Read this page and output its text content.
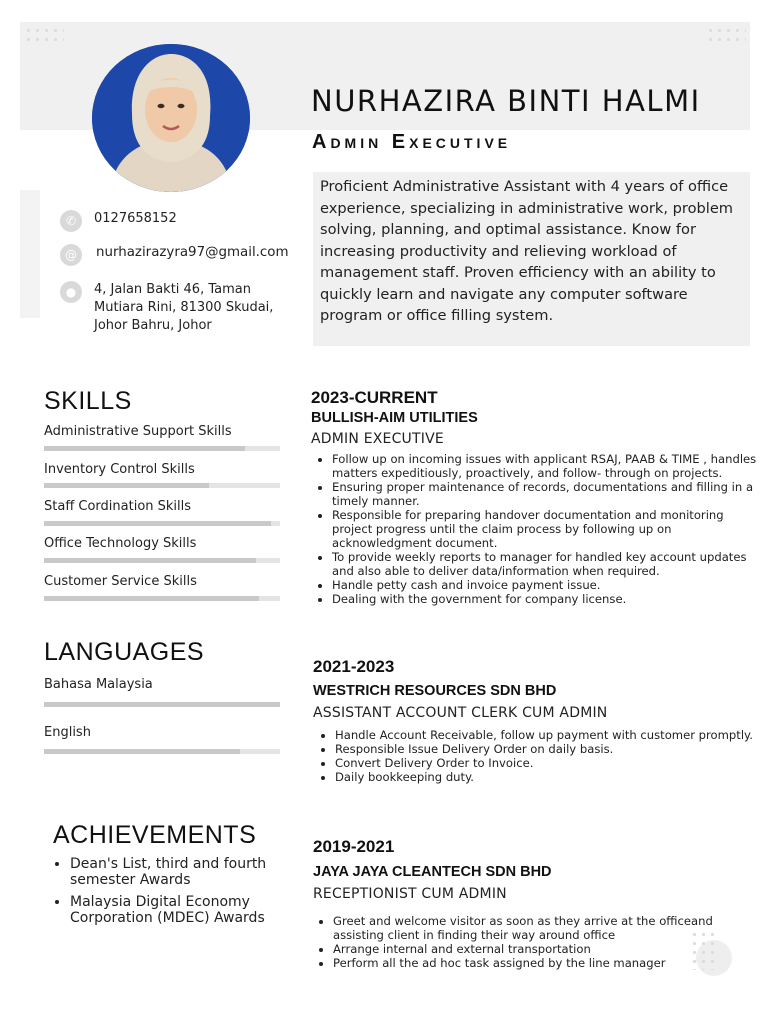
NURHAZIRA BINTI HALMI
Admin Executive
Proficient Administrative Assistant with 4 years of office experience, specializing in administrative work, problem solving, planning, and optimal assistance. Know for increasing productivity and relieving workload of management staff. Proven efficiency with an ability to quickly learn and navigate any computer software program or office filling system.
✆	0127658152
@	nurhazirazyra97@gmail.com
●	4, Jalan Bakti 46, Taman
Mutiara Rini, 81300 Skudai,
Johor Bahru, Johor
SKILLS
Administrative Support Skills
Inventory Control Skills
Staff Cordination Skills
Office Technology Skills
Customer Service Skills
LANGUAGES
Bahasa Malaysia
English
ACHIEVEMENTS
• Dean's List, third and fourth semester Awards
• Malaysia Digital Economy Corporation (MDEC) Awards
2023-CURRENT
BULLISH-AIM UTILITIES
ADMIN EXECUTIVE
• Follow up on incoming issues with applicant RSAJ, PAAB & TIME , handles matters expeditiously, proactively, and follow- through on projects.
• Ensuring proper maintenance of records, documentations and filling in a timely manner.
• Responsible for preparing handover documentation and monitoring project progress until the claim process by following up on acknowledgment document.
• To provide weekly reports to manager for handled key account updates and also able to deliver data/information when required.
• Handle petty cash and invoice payment issue.
• Dealing with the government for company license.
2021-2023
WESTRICH RESOURCES SDN BHD
ASSISTANT ACCOUNT CLERK CUM ADMIN
• Handle Account Receivable, follow up payment with customer promptly.
• Responsible Issue Delivery Order on daily basis.
• Convert Delivery Order to Invoice.
• Daily bookkeeping duty.
2019-2021
JAYA JAYA CLEANTECH SDN BHD
RECEPTIONIST CUM ADMIN
• Greet and welcome visitor as soon as they arrive at the officeand assisting client in finding their way around office
• Arrange internal and external transportation
• Perform all the ad hoc task assigned by the line manager
